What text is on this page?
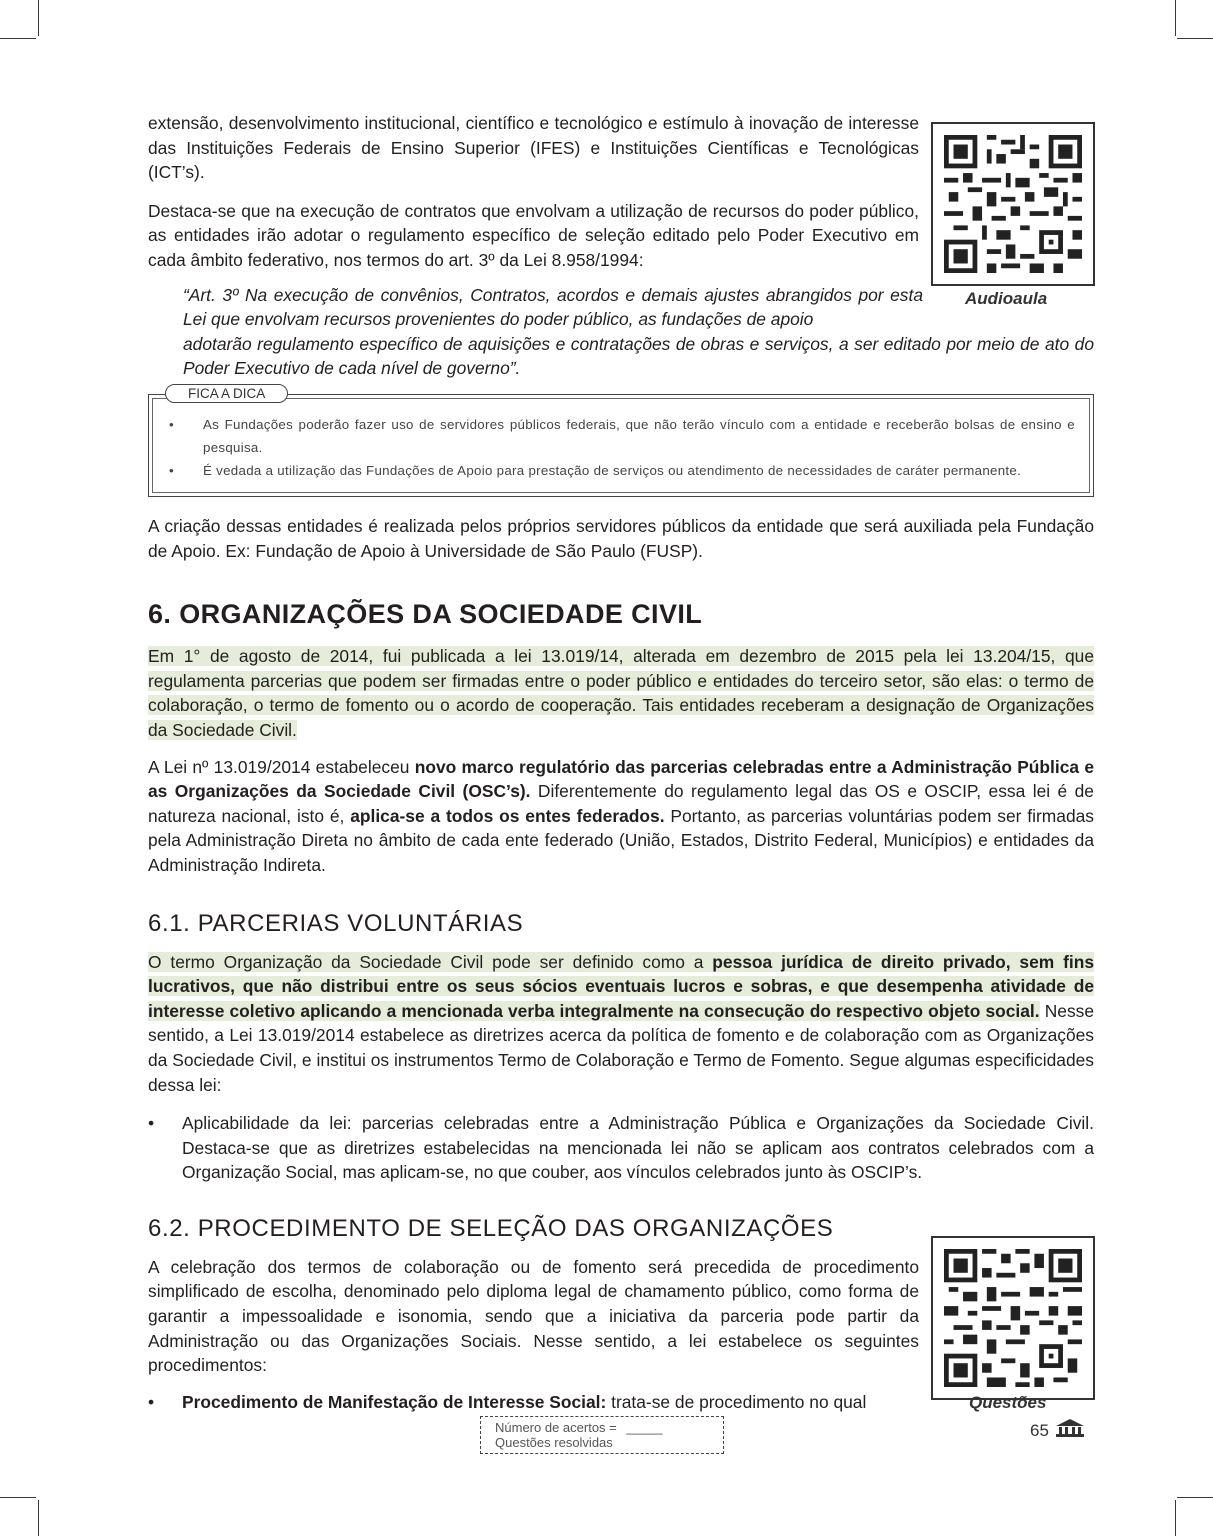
extensão, desenvolvimento institucional, científico e tecnológico e estímulo à inovação de interesse das Instituições Federais de Ensino Superior (IFES) e Instituições Científicas e Tecnológicas (ICT’s).

Destaca-se que na execução de contratos que envolvam a utilização de recursos do poder público, as entidades irão adotar o regulamento específico de seleção editado pelo Poder Executivo em cada âmbito federativo, nos termos do art. 3º da Lei 8.958/1994:

“Art. 3º Na execução de convênios, Contratos, acordos e demais ajustes abrangidos por esta Lei que envolvam recursos provenientes do poder público, as fundações de apoio
adotarão regulamento específico de aquisições e contratações de obras e serviços, a ser editado por meio de ato do Poder Executivo de cada nível de governo”.
Audioaula
FICA A DICA
• As Fundações poderão fazer uso de servidores públicos federais, que não terão vínculo com a entidade e receberão bolsas de ensino e pesquisa.
• É vedada a utilização das Fundações de Apoio para prestação de serviços ou atendimento de necessidades de caráter permanente.

A criação dessas entidades é realizada pelos próprios servidores públicos da entidade que será auxiliada pela Fundação de Apoio. Ex: Fundação de Apoio à Universidade de São Paulo (FUSP).

6. ORGANIZAÇÕES DA SOCIEDADE CIVIL

Em 1° de agosto de 2014, fui publicada a lei 13.019/14, alterada em dezembro de 2015 pela lei 13.204/15, que regulamenta parcerias que podem ser firmadas entre o poder público e entidades do terceiro setor, são elas: o termo de colaboração, o termo de fomento ou o acordo de cooperação. Tais entidades receberam a designação de Organizações da Sociedade Civil.

A Lei nº 13.019/2014 estabeleceu novo marco regulatório das parcerias celebradas entre a Administração Pública e as Organizações da Sociedade Civil (OSC’s). Diferentemente do regulamento legal das OS e OSCIP, essa lei é de natureza nacional, isto é, aplica-se a todos os entes federados. Portanto, as parcerias voluntárias podem ser firmadas pela Administração Direta no âmbito de cada ente federado (União, Estados, Distrito Federal, Municípios) e entidades da Administração Indireta.

6.1. PARCERIAS VOLUNTÁRIAS

O termo Organização da Sociedade Civil pode ser definido como a pessoa jurídica de direito privado, sem fins lucrativos, que não distribui entre os seus sócios eventuais lucros e sobras, e que desempenha atividade de interesse coletivo aplicando a mencionada verba integralmente na consecução do respectivo objeto social. Nesse sentido, a Lei 13.019/2014 estabelece as diretrizes acerca da política de fomento e de colaboração com as Organizações da Sociedade Civil, e institui os instrumentos Termo de Colaboração e Termo de Fomento. Segue algumas especificidades dessa lei:

• Aplicabilidade da lei: parcerias celebradas entre a Administração Pública e Organizações da Sociedade Civil. Destaca-se que as diretrizes estabelecidas na mencionada lei não se aplicam aos contratos celebrados com a Organização Social, mas aplicam-se, no que couber, aos vínculos celebrados junto às OSCIP’s.

6.2. PROCEDIMENTO DE SELEÇÃO DAS ORGANIZAÇÕES

A celebração dos termos de colaboração ou de fomento será precedida de procedimento simplificado de escolha, denominado pelo diploma legal de chamamento público, como forma de garantir a impessoalidade e isonomia, sendo que a iniciativa da parceria pode partir da Administração ou das Organizações Sociais. Nesse sentido, a lei estabelece os seguintes procedimentos:

• Procedimento de Manifestação de Interesse Social: trata-se de procedimento no qual	Questões
Número de acertos = _____
Questões resolvidas
65
